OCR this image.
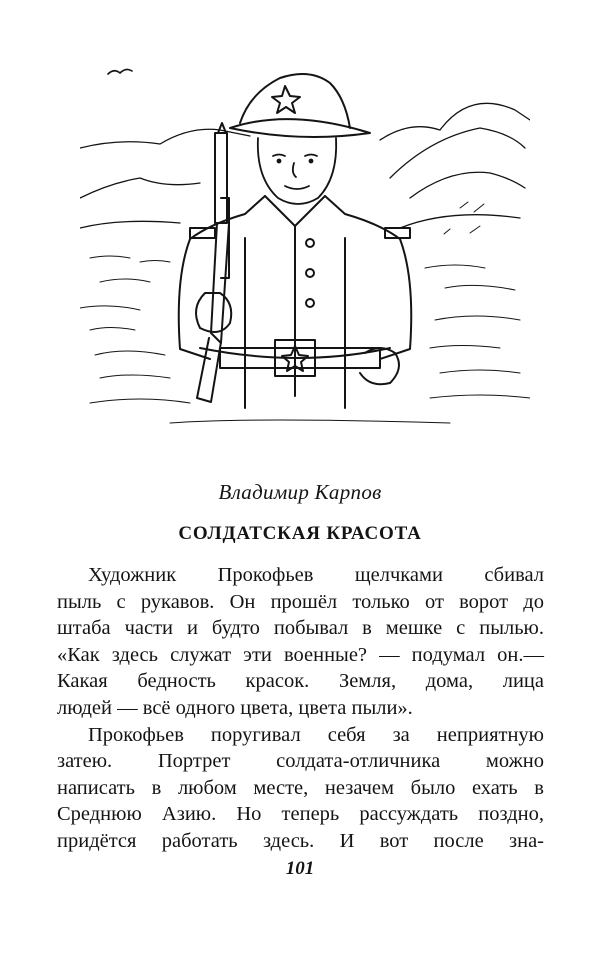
Владимир Карпов
СОЛДАТСКАЯ КРАСОТА
Художник Прокофьев щелчками сбивал
пыль с рукавов. Он прошёл только от ворот до
штаба части и будто побывал в мешке с пылью.
«Как здесь служат эти военные? — подумал он.—
Какая бедность красок. Земля, дома, лица
людей — всё одного цвета, цвета пыли».
Прокофьев поругивал себя за неприятную
затею. Портрет солдата-отличника можно
написать в любом месте, незачем было ехать в
Среднюю Азию. Но теперь рассуждать поздно,
придётся работать здесь. И вот после зна-
101
